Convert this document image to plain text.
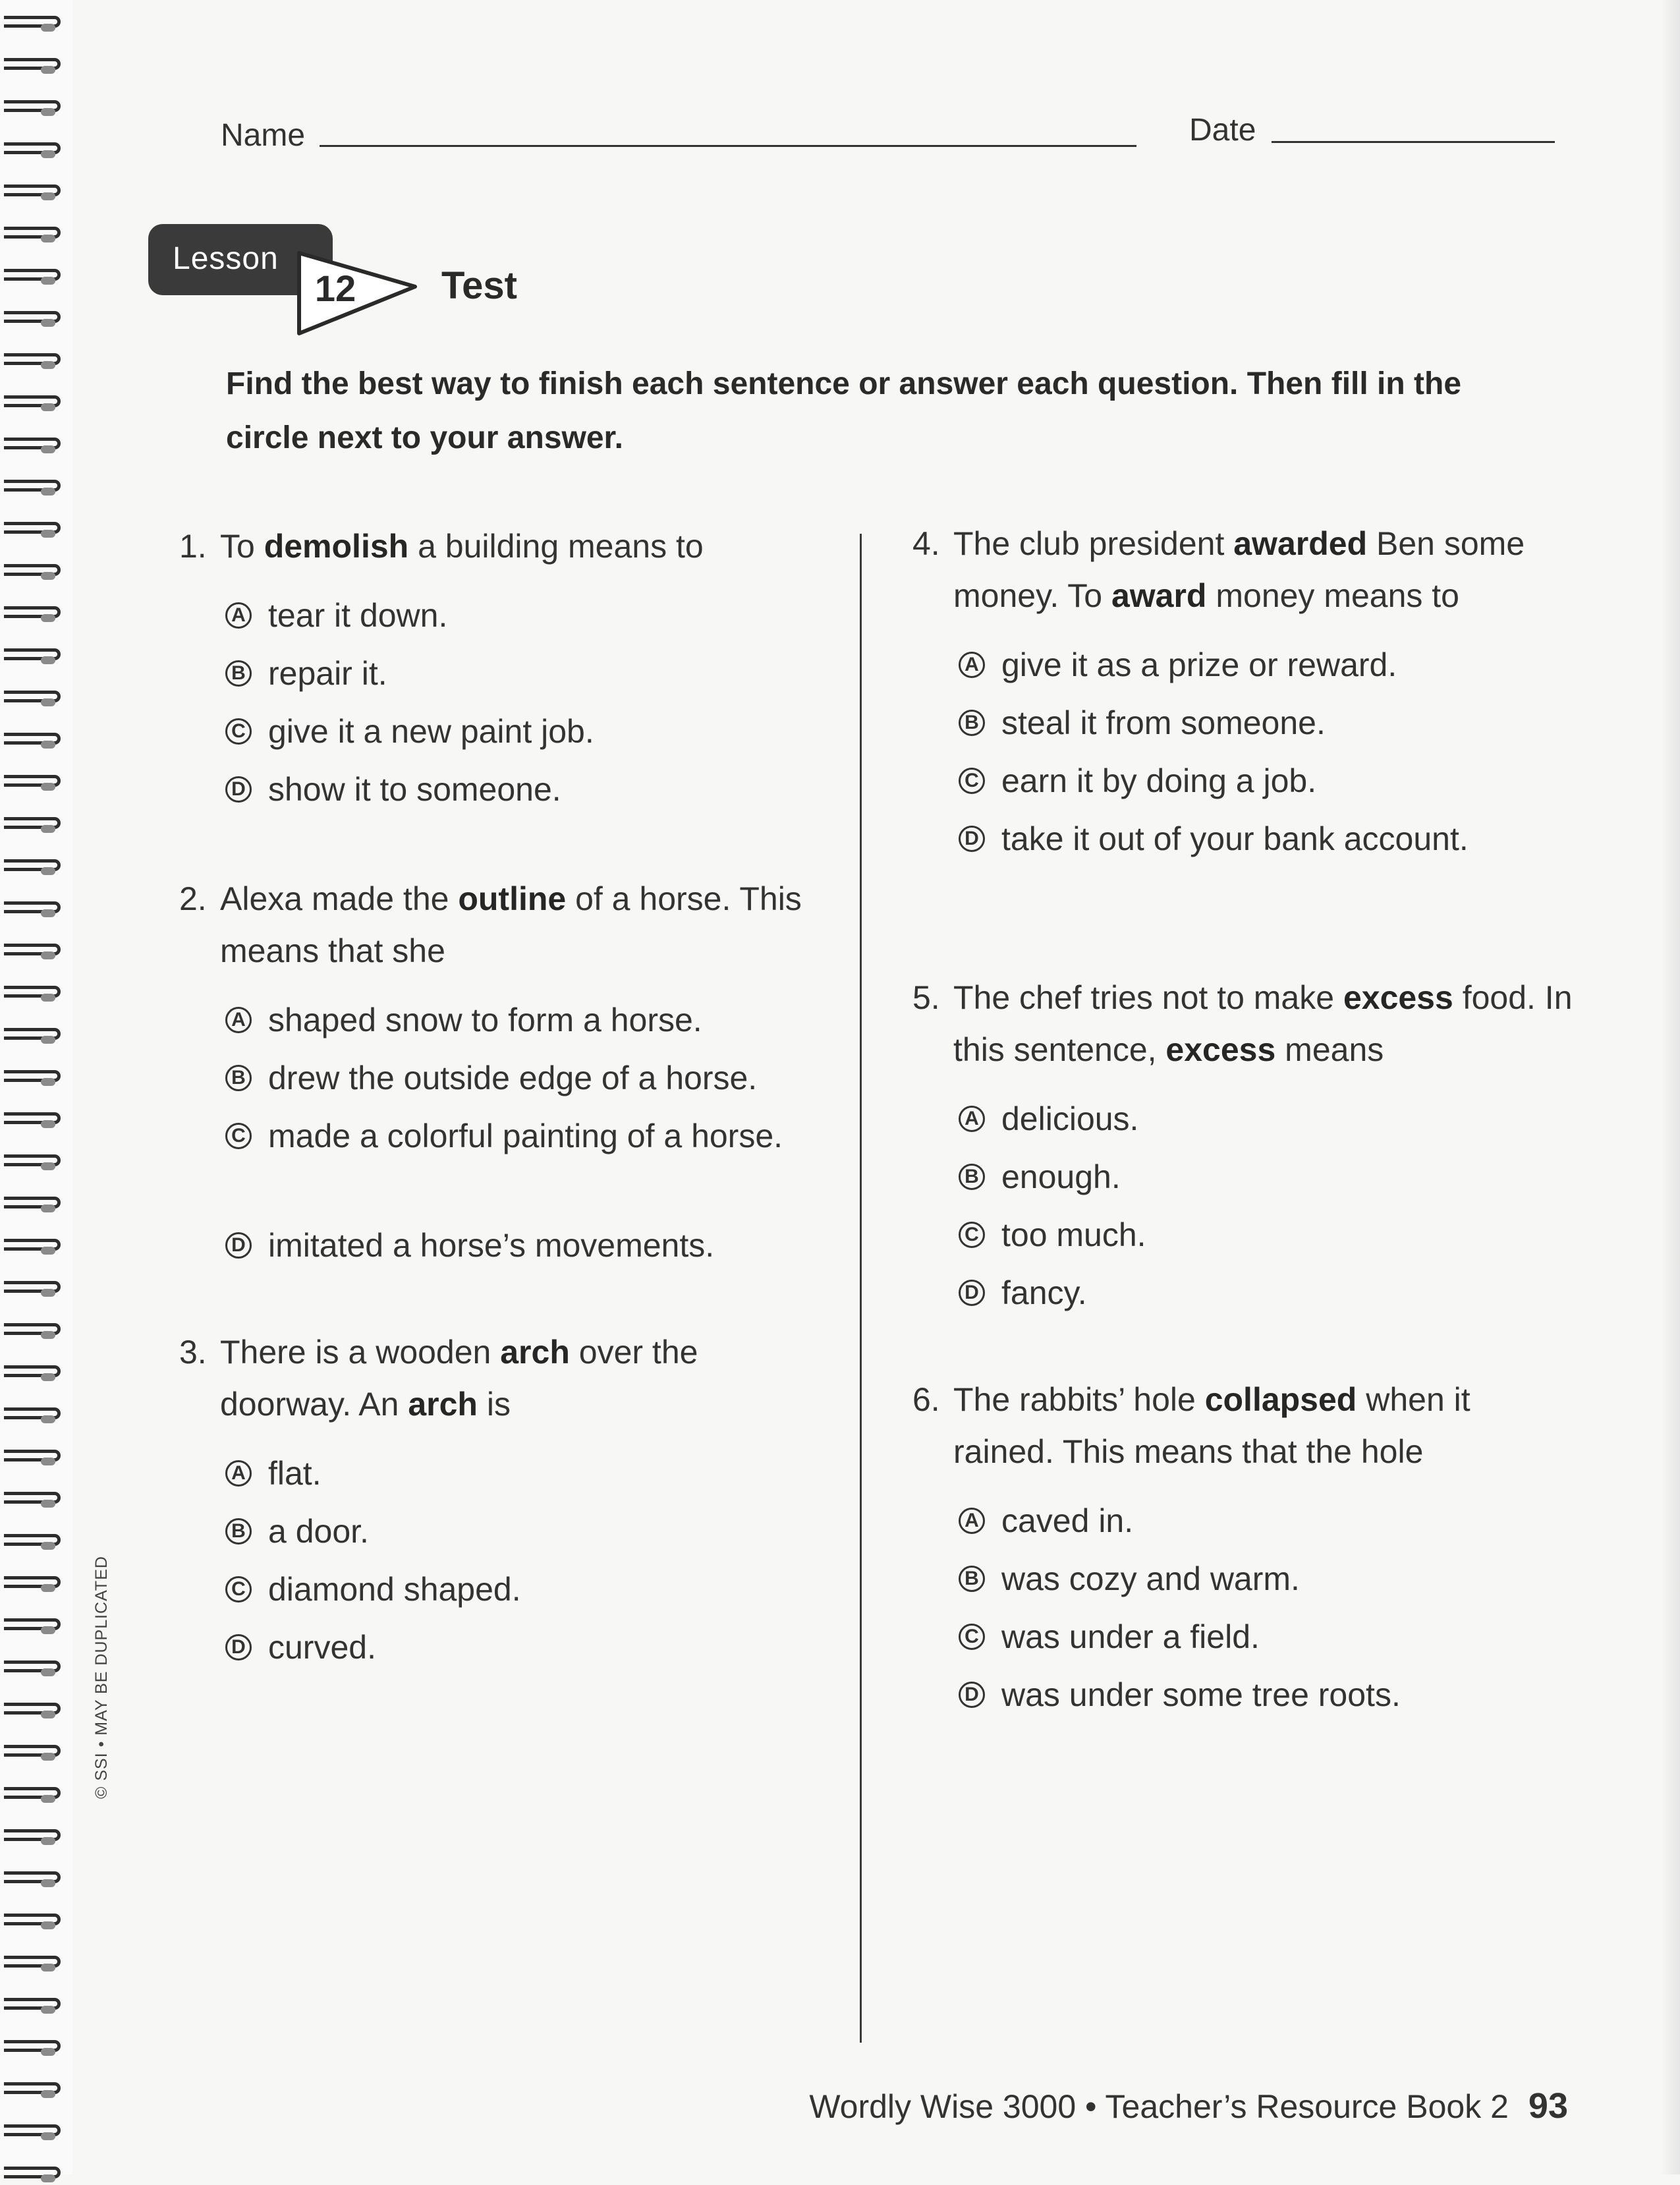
© SSI • MAY BE DUPLICATED
Name	Date
Lesson
12 Test
Find the best way to finish each sentence or answer each question. Then fill in the circle next to your answer.
1. To demolish a building means to
A tear it down.
B repair it.
C give it a new paint job.
D show it to someone.
2. Alexa made the outline of a horse. This means that she
A shaped snow to form a horse.
B drew the outside edge of a horse.
C made a colorful painting of a horse.
D imitated a horse’s movements.
3. There is a wooden arch over the doorway. An arch is
A flat.
B a door.
C diamond shaped.
D curved.
4. The club president awarded Ben some money. To award money means to
A give it as a prize or reward.
B steal it from someone.
C earn it by doing a job.
D take it out of your bank account.
5. The chef tries not to make excess food. In this sentence, excess means
A delicious.
B enough.
C too much.
D fancy.
6. The rabbits’ hole collapsed when it rained. This means that the hole
A caved in.
B was cozy and warm.
C was under a field.
D was under some tree roots.
Wordly Wise 3000 • Teacher’s Resource Book 2 93
